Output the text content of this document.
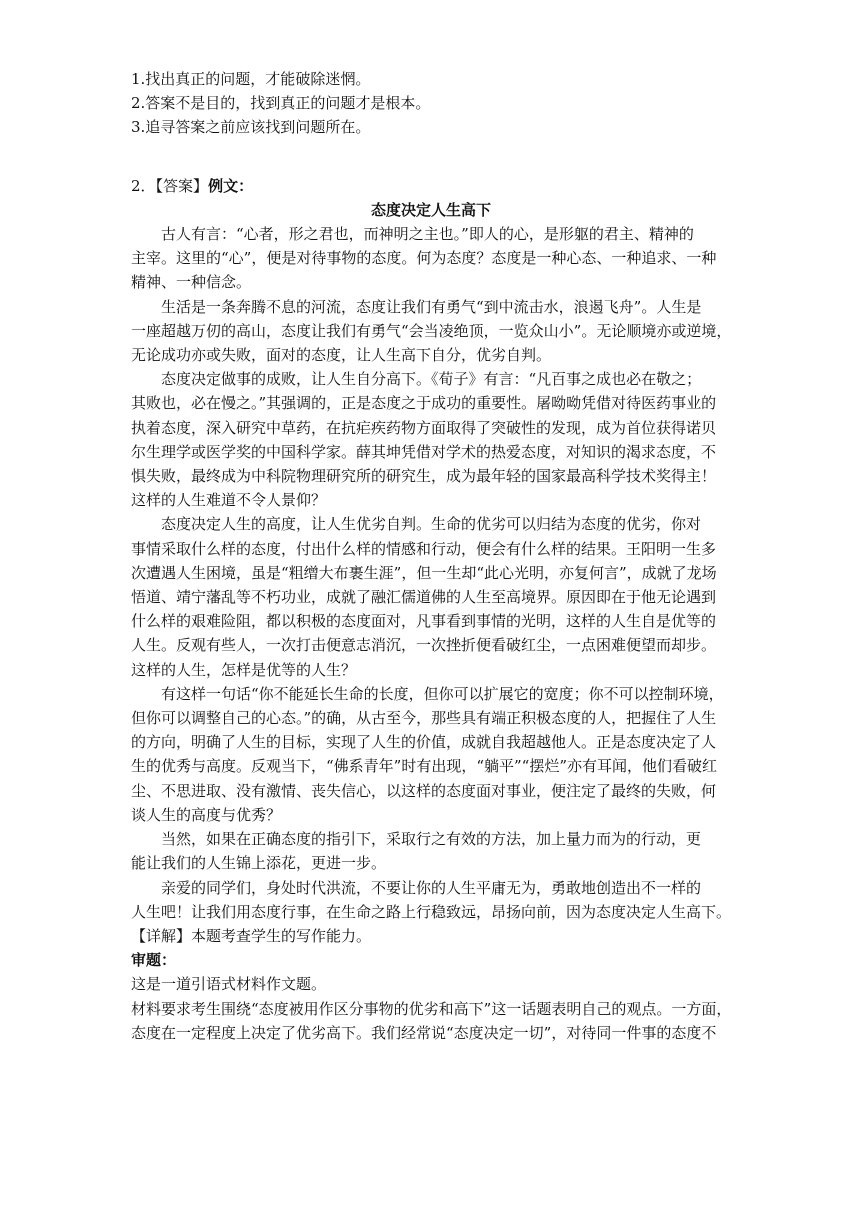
1.找出真正的问题，才能破除迷惘。
2.答案不是目的，找到真正的问题才是根本。
3.追寻答案之前应该找到问题所在。
2．【答案】例文：
态度决定人生高下
古人有言：“心者，形之君也，而神明之主也。”即人的心，是形躯的君主、精神的
主宰。这里的“心”，便是对待事物的态度。何为态度？态度是一种心态、一种追求、一种
精神、一种信念。
生活是一条奔腾不息的河流，态度让我们有勇气“到中流击水，浪遏飞舟”。人生是
一座超越万仞的高山，态度让我们有勇气“会当凌绝顶，一览众山小”。无论顺境亦或逆境，
无论成功亦或失败，面对的态度，让人生高下自分，优劣自判。
态度决定做事的成败，让人生自分高下。《荀子》有言：“凡百事之成也必在敬之；
其败也，必在慢之。”其强调的，正是态度之于成功的重要性。屠呦呦凭借对待医药事业的
执着态度，深入研究中草药，在抗疟疾药物方面取得了突破性的发现，成为首位获得诺贝
尔生理学或医学奖的中国科学家。薛其坤凭借对学术的热爱态度，对知识的渴求态度，不
惧失败，最终成为中科院物理研究所的研究生，成为最年轻的国家最高科学技术奖得主！
这样的人生难道不令人景仰？
态度决定人生的高度，让人生优劣自判。生命的优劣可以归结为态度的优劣，你对
事情采取什么样的态度，付出什么样的情感和行动，便会有什么样的结果。王阳明一生多
次遭遇人生困境，虽是“粗缯大布裹生涯”，但一生却“此心光明，亦复何言”，成就了龙场
悟道、靖宁藩乱等不朽功业，成就了融汇儒道佛的人生至高境界。原因即在于他无论遇到
什么样的艰难险阻，都以积极的态度面对，凡事看到事情的光明，这样的人生自是优等的
人生。反观有些人，一次打击便意志消沉，一次挫折便看破红尘，一点困难便望而却步。
这样的人生，怎样是优等的人生？
有这样一句话“你不能延长生命的长度，但你可以扩展它的宽度；你不可以控制环境，
但你可以调整自己的心态。”的确，从古至今，那些具有端正积极态度的人，把握住了人生
的方向，明确了人生的目标，实现了人生的价值，成就自我超越他人。正是态度决定了人
生的优秀与高度。反观当下，“佛系青年”时有出现，“躺平”“摆烂”亦有耳闻，他们看破红
尘、不思进取、没有激情、丧失信心，以这样的态度面对事业，便注定了最终的失败，何
谈人生的高度与优秀？
当然，如果在正确态度的指引下，采取行之有效的方法，加上量力而为的行动，更
能让我们的人生锦上添花，更进一步。
亲爱的同学们，身处时代洪流，不要让你的人生平庸无为，勇敢地创造出不一样的
人生吧！让我们用态度行事，在生命之路上行稳致远，昂扬向前，因为态度决定人生高下。
【详解】本题考查学生的写作能力。
审题：
这是一道引语式材料作文题。
材料要求考生围绕“态度被用作区分事物的优劣和高下”这一话题表明自己的观点。一方面，
态度在一定程度上决定了优劣高下。我们经常说“态度决定一切”，对待同一件事的态度不
